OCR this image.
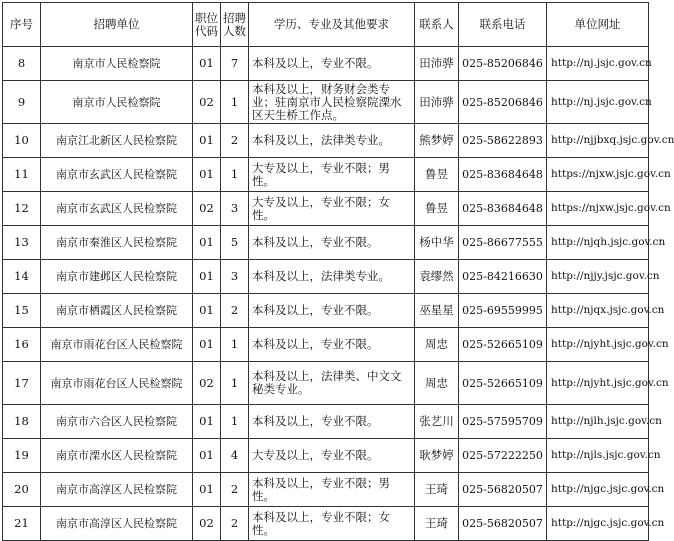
序号	招聘单位	职位代码	招聘人数	学历、专业及其他要求	联系人	联系电话	单位网址
8	南京市人民检察院	01	7	本科及以上，专业不限。	田沛骅	025-85206846	http://nj.jsjc.gov.cn
9	南京市人民检察院	02	1	本科及以上，财务财会类专业；驻南京市人民检察院溧水区天生桥工作点。	田沛骅	025-85206846	http://nj.jsjc.gov.cn
10	南京江北新区人民检察院	01	2	本科及以上，法律类专业。	熊梦婷	025-58622893	http://njjbxq.jsjc.gov.cn
11	南京市玄武区人民检察院	01	1	大专及以上，专业不限；男性。	鲁昱	025-83684648	https://njxw.jsjc.gov.cn
12	南京市玄武区人民检察院	02	3	大专及以上，专业不限；女性。	鲁昱	025-83684648	https://njxw.jsjc.gov.cn
13	南京市秦淮区人民检察院	01	5	本科及以上，专业不限。	杨中华	025-86677555	http://njqh.jsjc.gov.cn
14	南京市建邺区人民检察院	01	3	本科及以上，法律类专业。	袁缪然	025-84216630	http://njjy.jsjc.gov.cn
15	南京市栖霞区人民检察院	01	2	本科及以上，专业不限。	巫星星	025-69559995	http://njqx.jsjc.gov.cn
16	南京市雨花台区人民检察院	01	1	本科及以上，专业不限。	周忠	025-52665109	http://njyht.jsjc.gov.cn
17	南京市雨花台区人民检察院	02	1	本科及以上，法律类、中文文秘类专业。	周忠	025-52665109	http://njyht.jsjc.gov.cn
18	南京市六合区人民检察院	01	1	本科及以上，专业不限。	张艺川	025-57595709	http://njlh.jsjc.gov.cn
19	南京市溧水区人民检察院	01	4	大专及以上，专业不限。	耿梦婷	025-57222250	http://njls.jsjc.gov.cn
20	南京市高淳区人民检察院	01	2	本科及以上，专业不限；男性。	王琦	025-56820507	http://njgc.jsjc.gov.cn
21	南京市高淳区人民检察院	02	2	本科及以上，专业不限；女性。	王琦	025-56820507	http://njgc.jsjc.gov.cn
